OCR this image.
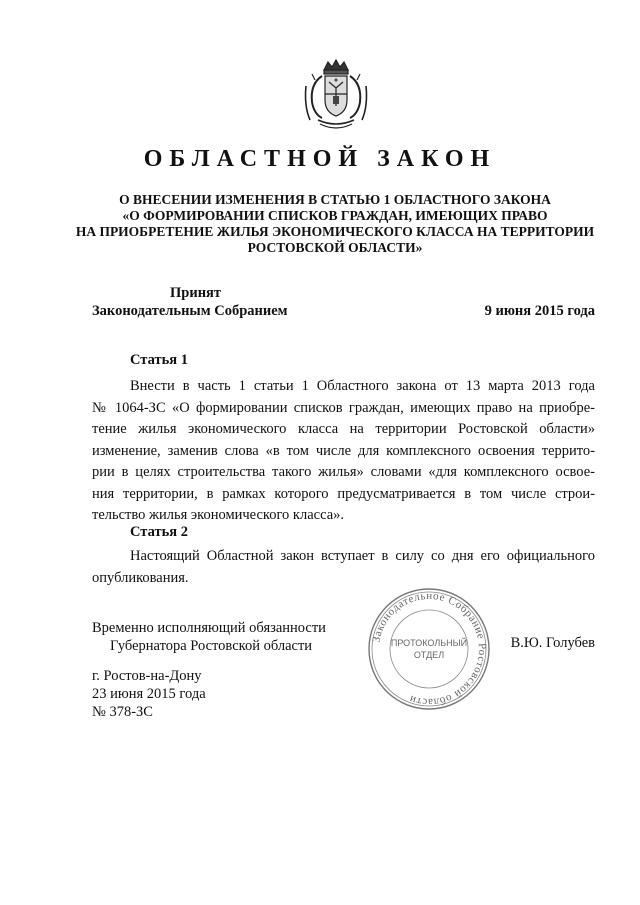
ОБЛАСТНОЙ ЗАКОН
О ВНЕСЕНИИ ИЗМЕНЕНИЯ В СТАТЬЮ 1 ОБЛАСТНОГО ЗАКОНА
«О ФОРМИРОВАНИИ СПИСКОВ ГРАЖДАН, ИМЕЮЩИХ ПРАВО
НА ПРИОБРЕТЕНИЕ ЖИЛЬЯ ЭКОНОМИЧЕСКОГО КЛАССА НА ТЕРРИТОРИИ
РОСТОВСКОЙ ОБЛАСТИ»
Принят
Законодательным Собранием	9 июня 2015 года
Статья 1
Внести в часть 1 статьи 1 Областного закона от 13 марта 2013 года
№ 1064-ЗС «О формировании списков граждан, имеющих право на приобре-
тение жилья экономического класса на территории Ростовской области»
изменение, заменив слова «в том числе для комплексного освоения террито-
рии в целях строительства такого жилья» словами «для комплексного освое-
ния территории, в рамках которого предусматривается в том числе строи-
тельство жилья экономического класса».
Статья 2
Настоящий Областной закон вступает в силу со дня его официального
опубликования.
Временно исполняющий обязанности
Губернатора Ростовской области	В.Ю. Голубев
Законодательное Собрание Ростовской области
ПРОТОКОЛЬНЫЙ
ОТДЕЛ
г. Ростов-на-Дону
23 июня 2015 года
№ 378-ЗС
